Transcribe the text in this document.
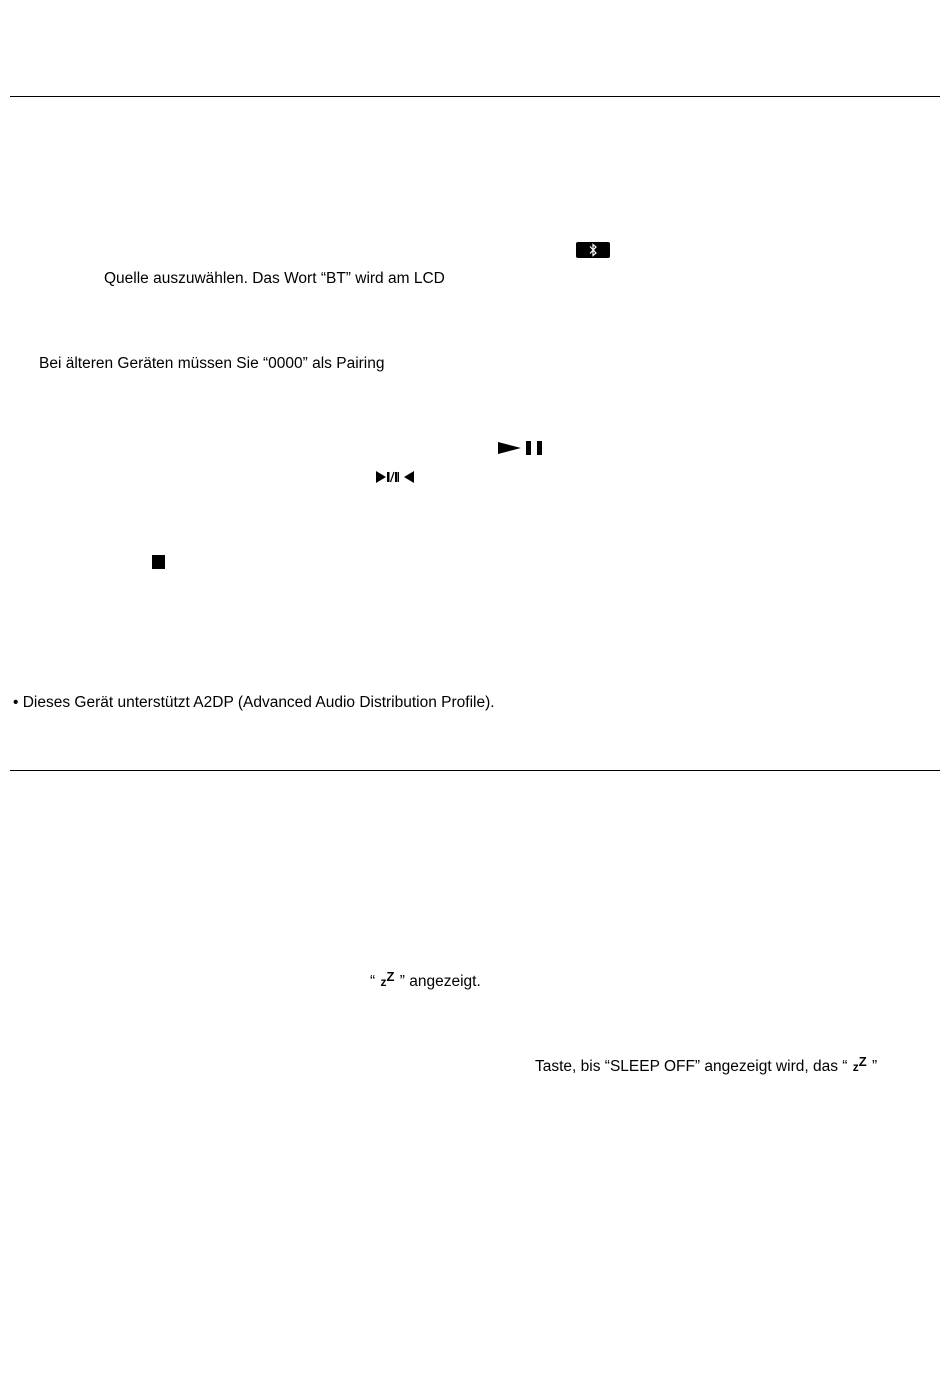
Quelle auszuwählen. Das Wort “BT” wird am LCD
Bei älteren Geräten müssen Sie “0000” als Pairing
• Dieses Gerät unterstützt A2DP (Advanced Audio Distribution Profile).
“ zZ ” angezeigt.
Taste, bis “SLEEP OFF” angezeigt wird, das “ zZ ”
